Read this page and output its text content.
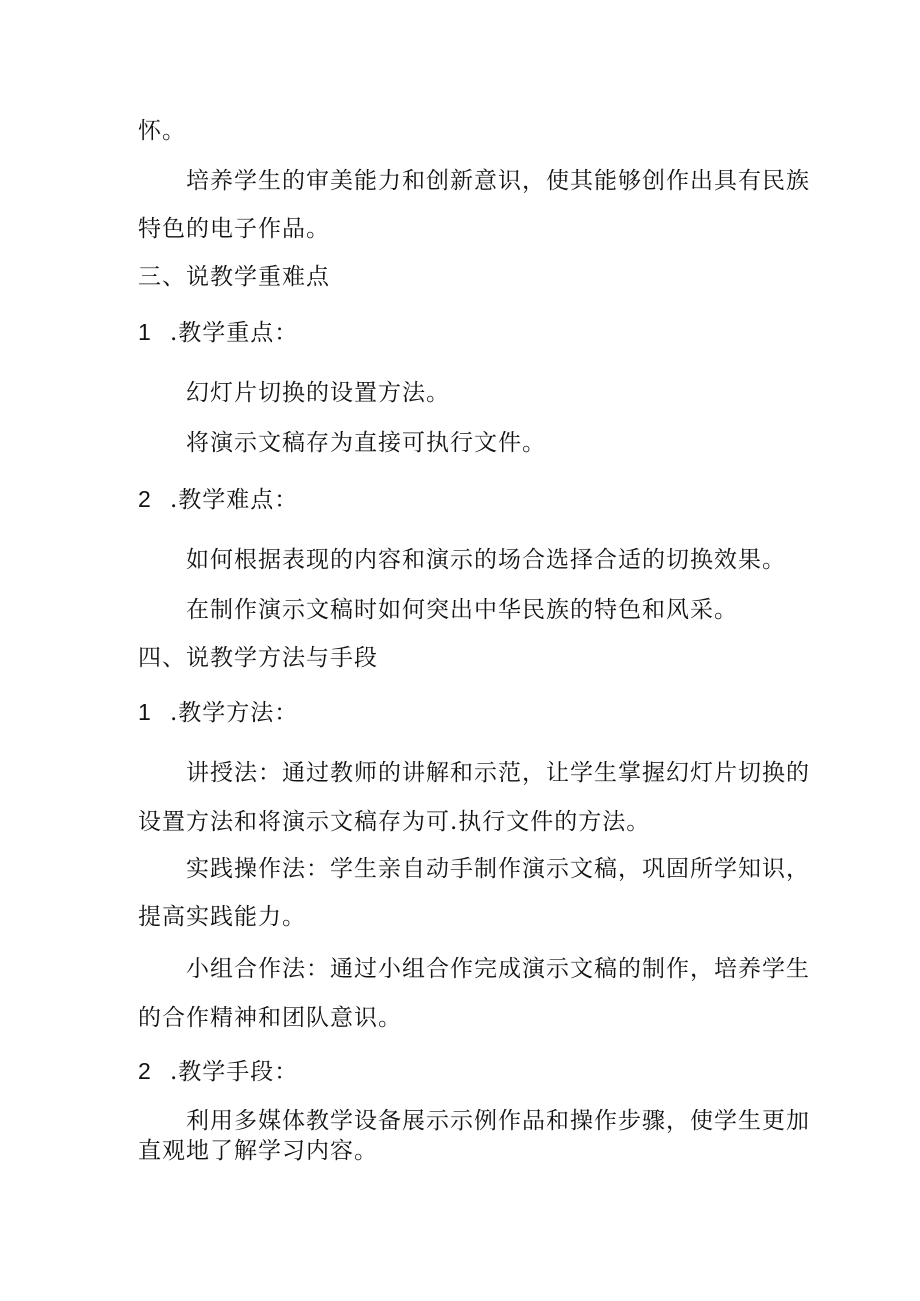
怀。
培养学生的审美能力和创新意识，使其能够创作出具有民族
特色的电子作品。
三、说教学重难点
1 .教学重点：
幻灯片切换的设置方法。
将演示文稿存为直接可执行文件。
2 .教学难点：
如何根据表现的内容和演示的场合选择合适的切换效果。
在制作演示文稿时如何突出中华民族的特色和风采。
四、说教学方法与手段
1 .教学方法：
讲授法：通过教师的讲解和示范，让学生掌握幻灯片切换的
设置方法和将演示文稿存为可.执行文件的方法。
实践操作法：学生亲自动手制作演示文稿，巩固所学知识，
提高实践能力。
小组合作法：通过小组合作完成演示文稿的制作，培养学生
的合作精神和团队意识。
2 .教学手段：
利用多媒体教学设备展示示例作品和操作步骤，使学生更加
直观地了解学习内容。
